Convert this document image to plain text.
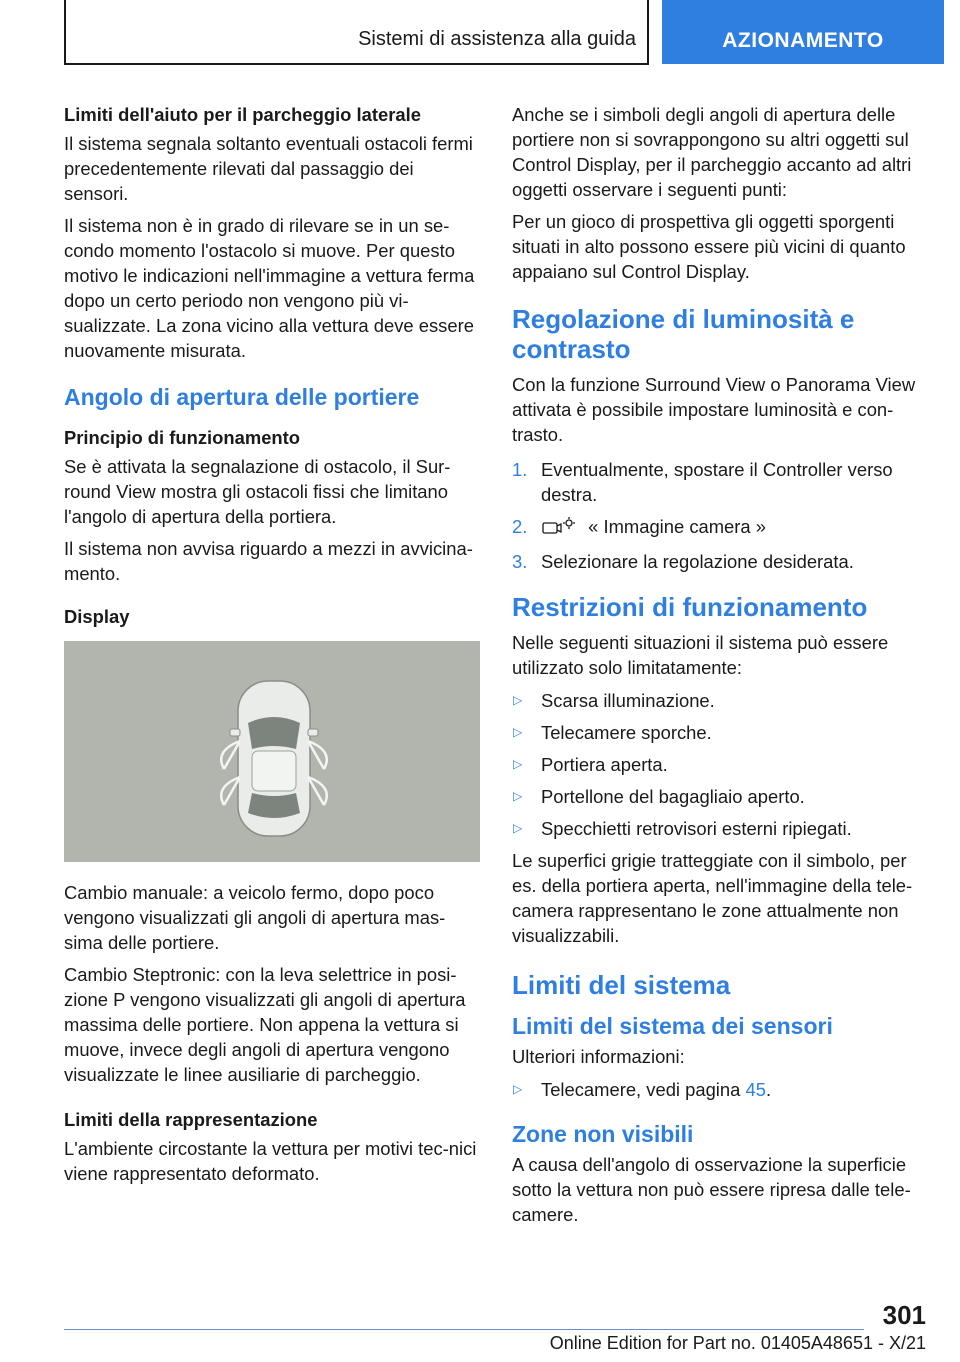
Sistemi di assistenza alla guida	AZIONAMENTO
Limiti dell'aiuto per il parcheggio laterale

Il sistema segnala soltanto eventuali ostacoli fermi precedentemente rilevati dal passaggio dei sensori.

Il sistema non è in grado di rilevare se in un se-condo momento l'ostacolo si muove. Per questo motivo le indicazioni nell'immagine a vettura ferma dopo un certo periodo non vengono più vi-sualizzate. La zona vicino alla vettura deve essere nuovamente misurata.

Angolo di apertura delle portiere
Principio di funzionamento

Se è attivata la segnalazione di ostacolo, il Sur-round View mostra gli ostacoli fissi che limitano l'angolo di apertura della portiera.

Il sistema non avvisa riguardo a mezzi in avvicina-mento.

Display

Cambio manuale: a veicolo fermo, dopo poco vengono visualizzati gli angoli di apertura mas-sima delle portiere.

Cambio Steptronic: con la leva selettrice in posi-zione P vengono visualizzati gli angoli di apertura massima delle portiere. Non appena la vettura si muove, invece degli angoli di apertura vengono visualizzate le linee ausiliarie di parcheggio.

Limiti della rappresentazione

L'ambiente circostante la vettura per motivi tec-nici viene rappresentato deformato.

Anche se i simboli degli angoli di apertura delle portiere non si sovrappongono su altri oggetti sul Control Display, per il parcheggio accanto ad altri oggetti osservare i seguenti punti:

Per un gioco di prospettiva gli oggetti sporgenti situati in alto possono essere più vicini di quanto appaiano sul Control Display.

Regolazione di luminosità e contrasto

Con la funzione Surround View o Panorama View attivata è possibile impostare luminosità e con-trasto.

1. Eventualmente, spostare il Controller verso destra.
2.	« Immagine camera »
3. Selezionare la regolazione desiderata.
Restrizioni di funzionamento

Nelle seguenti situazioni il sistema può essere utilizzato solo limitatamente:

▷ Scarsa illuminazione.
▷ Telecamere sporche.
▷ Portiera aperta.
▷ Portellone del bagagliaio aperto.
▷ Specchietti retrovisori esterni ripiegati.

Le superfici grigie tratteggiate con il simbolo, per es. della portiera aperta, nell'immagine della tele-camera rappresentano le zone attualmente non visualizzabili.

Limiti del sistema
Limiti del sistema dei sensori

Ulteriori informazioni:

▷ Telecamere, vedi pagina 45.
Zone non visibili

A causa dell'angolo di osservazione la superficie sotto la vettura non può essere ripresa dalle tele-camere.

301
Online Edition for Part no. 01405A48651 - X/21
